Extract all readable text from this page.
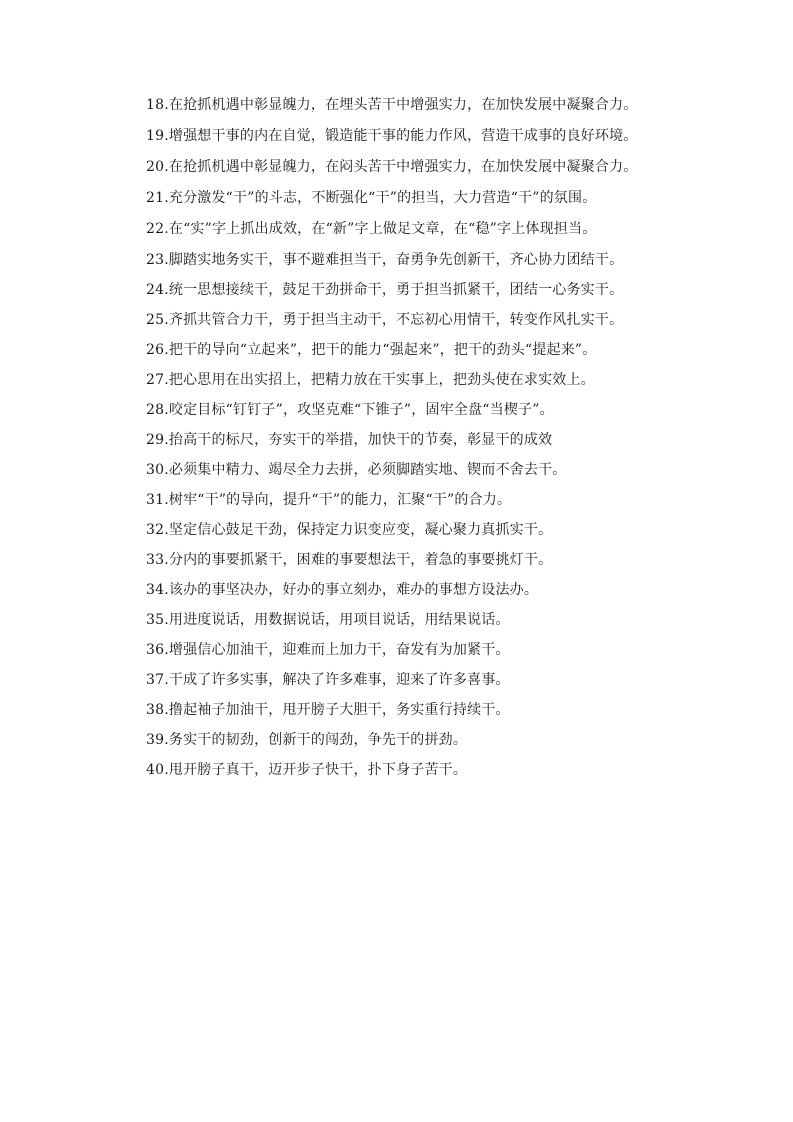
18.在抢抓机遇中彰显魄力，在埋头苦干中增强实力，在加快发展中凝聚合力。

19.增强想干事的内在自觉，锻造能干事的能力作风，营造干成事的良好环境。

20.在抢抓机遇中彰显魄力，在闷头苦干中增强实力，在加快发展中凝聚合力。

21.充分激发“干”的斗志，不断强化“干”的担当，大力营造“干”的氛围。

22.在“实”字上抓出成效，在“新”字上做足文章，在“稳”字上体现担当。

23.脚踏实地务实干，事不避难担当干，奋勇争先创新干，齐心协力团结干。

24.统一思想接续干，鼓足干劲拼命干，勇于担当抓紧干，团结一心务实干。

25.齐抓共管合力干，勇于担当主动干，不忘初心用情干，转变作风扎实干。

26.把干的导向“立起来”，把干的能力“强起来”，把干的劲头“提起来”。

27.把心思用在出实招上，把精力放在干实事上，把劲头使在求实效上。

28.咬定目标“钉钉子”，攻坚克难“下锥子”，固牢全盘“当楔子”。

29.抬高干的标尺，夯实干的举措，加快干的节奏，彰显干的成效

30.必须集中精力、竭尽全力去拼，必须脚踏实地、锲而不舍去干。

31.树牢“干”的导向，提升“干”的能力，汇聚“干”的合力。

32.坚定信心鼓足干劲，保持定力识变应变，凝心聚力真抓实干。

33.分内的事要抓紧干，困难的事要想法干，着急的事要挑灯干。

34.该办的事坚决办，好办的事立刻办，难办的事想方设法办。

35.用进度说话，用数据说话，用项目说话，用结果说话。

36.增强信心加油干，迎难而上加力干，奋发有为加紧干。

37.干成了许多实事，解决了许多难事，迎来了许多喜事。

38.撸起袖子加油干，甩开膀子大胆干，务实重行持续干。

39.务实干的韧劲，创新干的闯劲，争先干的拼劲。

40.甩开膀子真干，迈开步子快干，扑下身子苦干。
